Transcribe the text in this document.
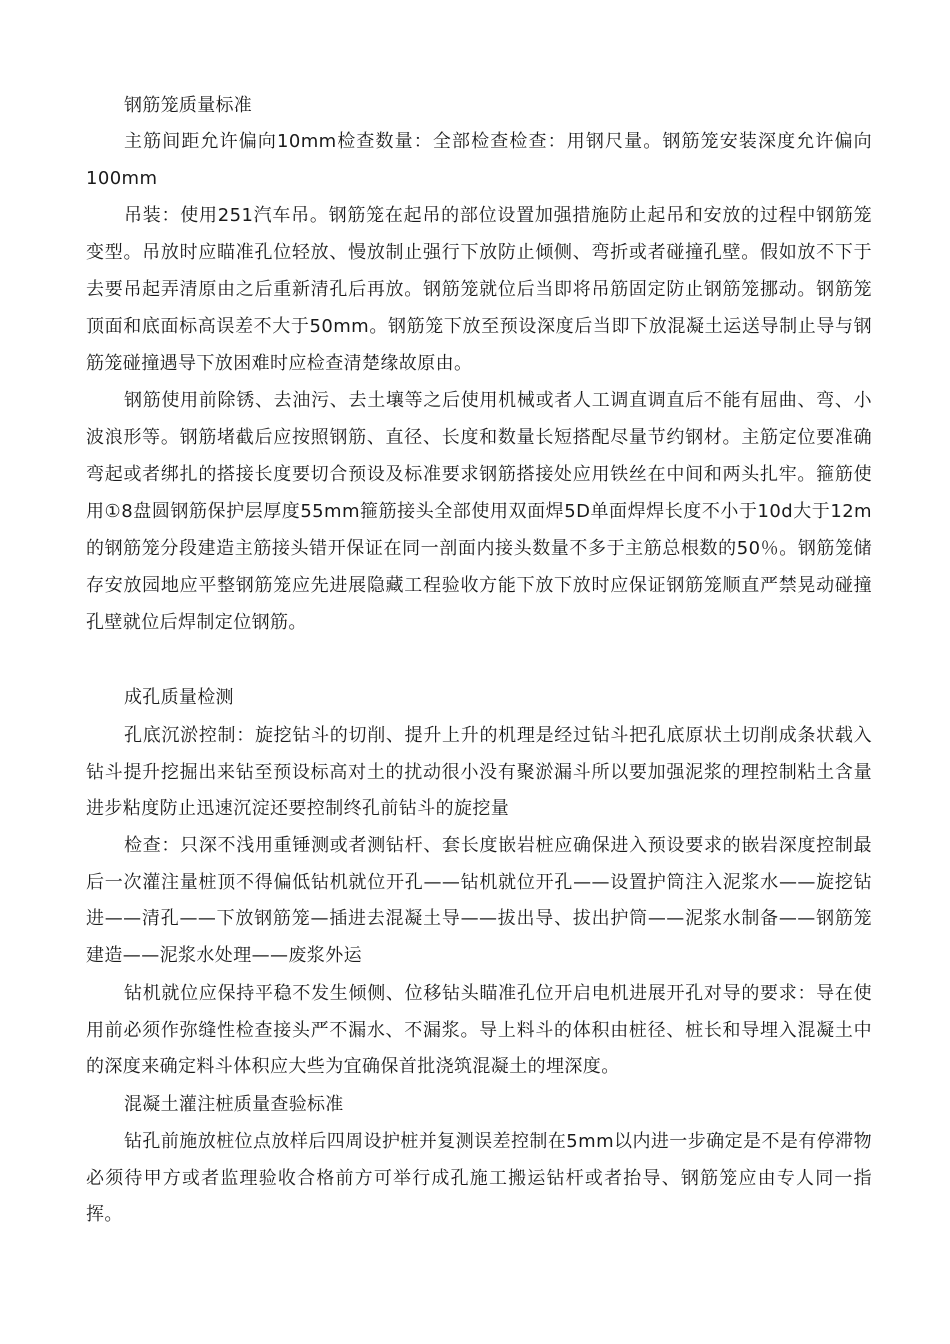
钢筋笼质量标准
主筋间距允许偏向10mm检查数量：全部检查检查：用钢尺量。钢筋笼安装深度允许偏向100mm
吊装：使用251汽车吊。钢筋笼在起吊的部位设置加强措施防止起吊和安放的过程中钢筋笼变型。吊放时应瞄准孔位轻放、慢放制止强行下放防止倾侧、弯折或者碰撞孔壁。假如放不下于去要吊起弄清原由之后重新清孔后再放。钢筋笼就位后当即将吊筋固定防止钢筋笼挪动。钢筋笼顶面和底面标高误差不大于50mm。钢筋笼下放至预设深度后当即下放混凝土运送导制止导与钢筋笼碰撞遇导下放困难时应检查清楚缘故原由。
钢筋使用前除锈、去油污、去土壤等之后使用机械或者人工调直调直后不能有屈曲、弯、小波浪形等。钢筋堵截后应按照钢筋、直径、长度和数量长短搭配尽量节约钢材。主筋定位要准确弯起或者绑扎的搭接长度要切合预设及标准要求钢筋搭接处应用铁丝在中间和两头扎牢。箍筋使用①8盘圆钢筋保护层厚度55mm箍筋接头全部使用双面焊5D单面焊焊长度不小于10d大于12m的钢筋笼分段建造主筋接头错开保证在同一剖面内接头数量不多于主筋总根数的50％。钢筋笼储存安放园地应平整钢筋笼应先进展隐藏工程验收方能下放下放时应保证钢筋笼顺直严禁晃动碰撞孔壁就位后焊制定位钢筋。
成孔质量检测
孔底沉淤控制：旋挖钻斗的切削、提升上升的机理是经过钻斗把孔底原状土切削成条状载入钻斗提升挖掘出来钻至预设标高对土的扰动很小没有聚淤漏斗所以要加强泥浆的理控制粘土含量进步粘度防止迅速沉淀还要控制终孔前钻斗的旋挖量
检查：只深不浅用重锤测或者测钻杆、套长度嵌岩桩应确保进入预设要求的嵌岩深度控制最后一次灌注量桩顶不得偏低钻机就位开孔——钻机就位开孔——设置护筒注入泥浆水——旋挖钻进——清孔——下放钢筋笼—插进去混凝土导——拔出导、拔出护筒——泥浆水制备——钢筋笼建造——泥浆水处理——废浆外运
钻机就位应保持平稳不发生倾侧、位移钻头瞄准孔位开启电机进展开孔对导的要求：导在使用前必须作弥缝性检查接头严不漏水、不漏浆。导上料斗的体积由桩径、桩长和导埋入混凝土中的深度来确定料斗体积应大些为宜确保首批浇筑混凝土的埋深度。
混凝土灌注桩质量查验标准
钻孔前施放桩位点放样后四周设护桩并复测误差控制在5mm以内进一步确定是不是有停滞物必须待甲方或者监理验收合格前方可举行成孔施工搬运钻杆或者抬导、钢筋笼应由专人同一指挥。
